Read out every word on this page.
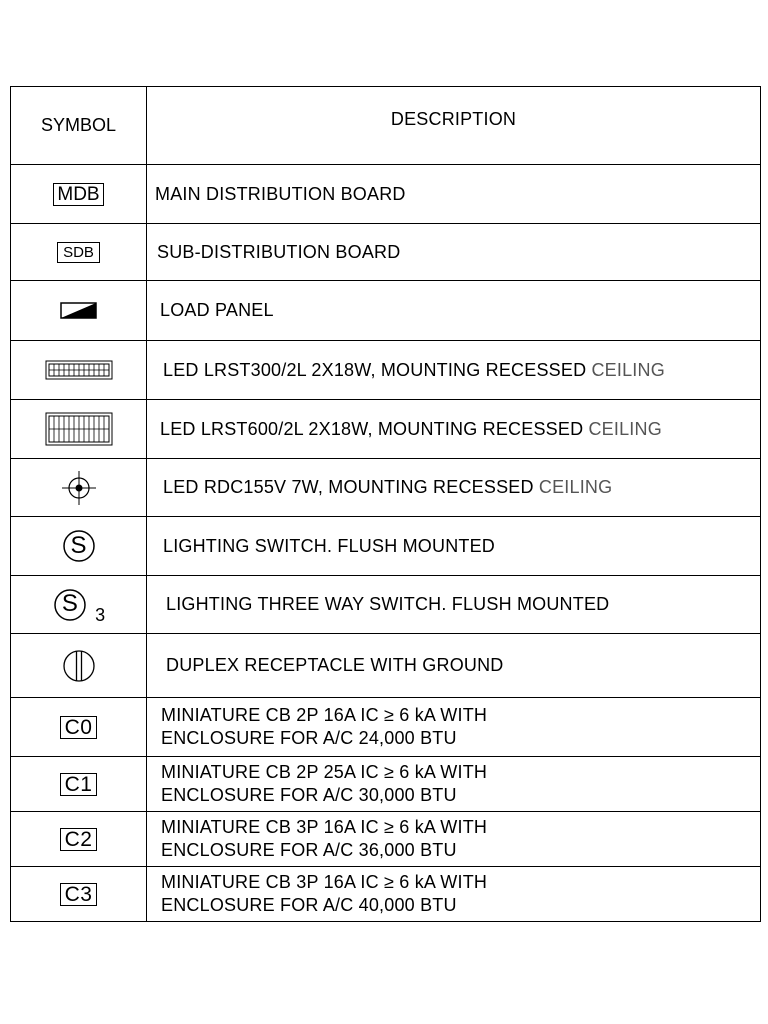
SYMBOL	DESCRIPTION
MDB	MAIN DISTRIBUTION BOARD
SDB	SUB-DISTRIBUTION BOARD
	LOAD PANEL
	LED LRST300/2L 2X18W, MOUNTING RECESSED CEILING
	LED LRST600/2L 2X18W, MOUNTING RECESSED CEILING
	LED RDC155V 7W, MOUNTING RECESSED CEILING

S	LIGHTING SWITCH. FLUSH MOUNTED

S $_3$	LIGHTING THREE WAY SWITCH. FLUSH MOUNTED
	DUPLEX RECEPTACLE WITH GROUND
C0	MINIATURE CB 2P 16A IC ≥ 6 kA WITH
ENCLOSURE FOR A/C 24,000 BTU

C1	MINIATURE CB 2P 25A IC ≥ 6 kA WITH
ENCLOSURE FOR A/C 30,000 BTU

C2	MINIATURE CB 3P 16A IC ≥ 6 kA WITH
ENCLOSURE FOR A/C 36,000 BTU

C3	MINIATURE CB 3P 16A IC ≥ 6 kA WITH
ENCLOSURE FOR A/C 40,000 BTU
